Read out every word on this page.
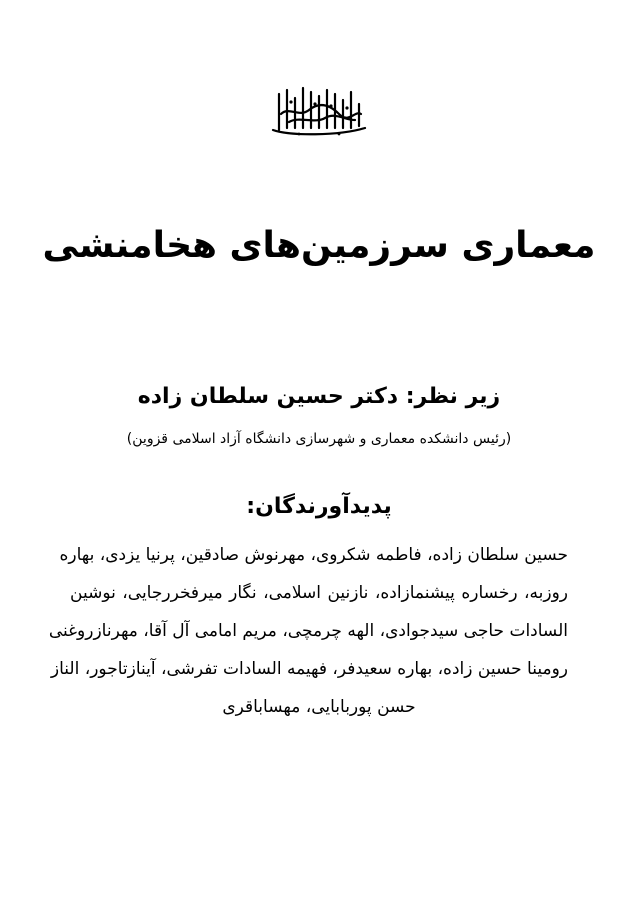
معماری سرزمین‌های هخامنشی

زیر نظر: دکتر حسین سلطان زاده

(رئیس دانشکده معماری و شهرسازی دانشگاه آزاد اسلامی قزوین)

پدیدآورندگان:

حسین سلطان زاده، فاطمه شکروی، مهرنوش صادقین، پرنیا یزدی، بهاره
روزبه، رخساره پیشنمازاده، نازنین اسلامی، نگار میرفخررجایی، نوشین
السادات حاجی سیدجوادی، الهه چرمچی، مریم امامی آل آقا، مهرنازروغنی
رومینا حسین زاده، بهاره سعیدفر، فهیمه السادات تفرشی، آینازتاجور، الناز
حسن پوربابایی، مهساباقری
